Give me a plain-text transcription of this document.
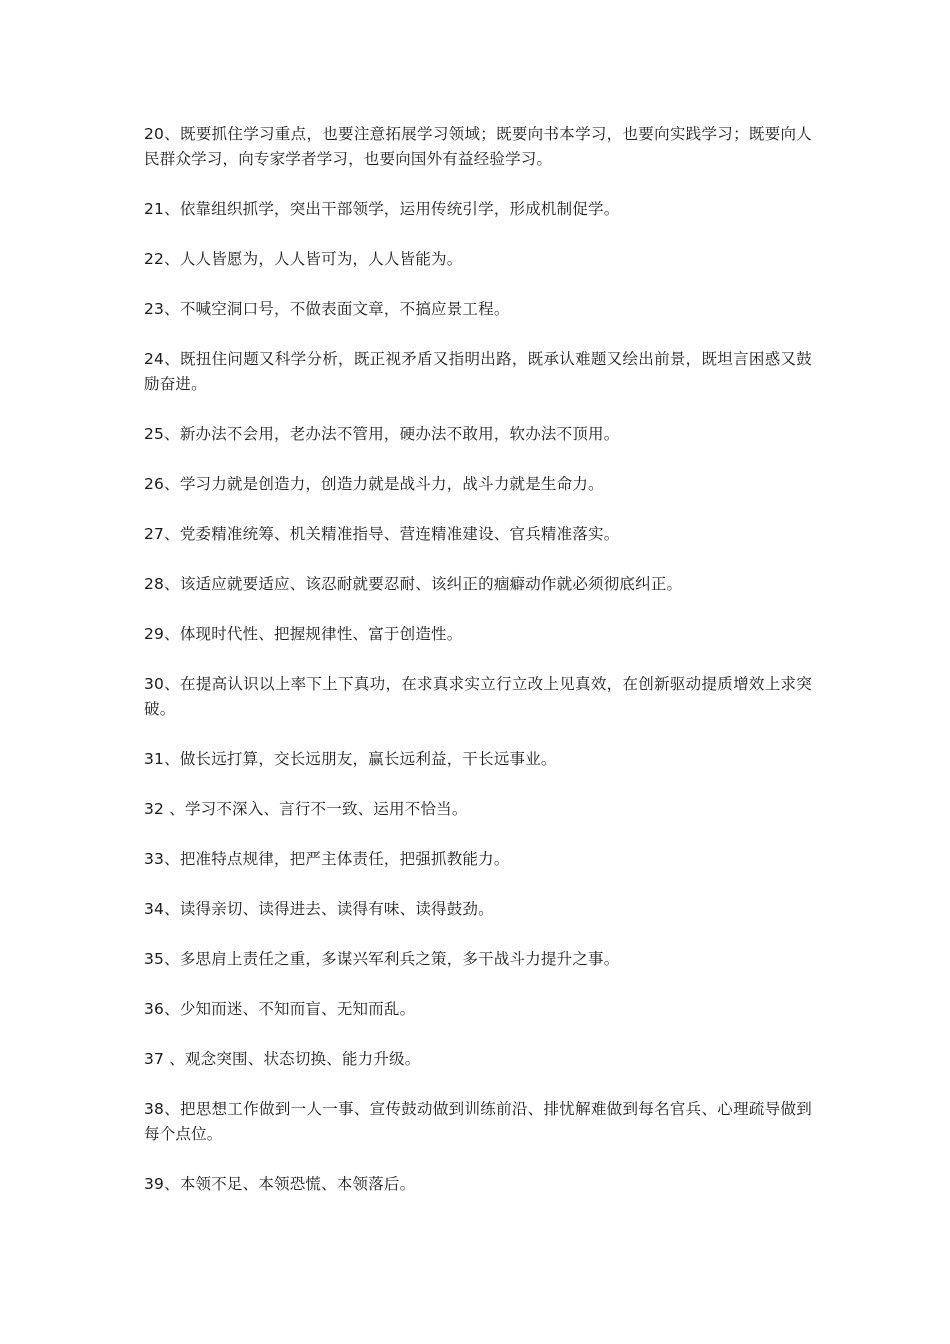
20、既要抓住学习重点，也要注意拓展学习领域；既要向书本学习，也要向实践学习；既要向人民群众学习，向专家学者学习，也要向国外有益经验学习。

21、依靠组织抓学，突出干部领学，运用传统引学，形成机制促学。

22、人人皆愿为，人人皆可为，人人皆能为。

23、不喊空洞口号，不做表面文章，不搞应景工程。

24、既扭住问题又科学分析，既正视矛盾又指明出路，既承认难题又绘出前景，既坦言困惑又鼓励奋进。

25、新办法不会用，老办法不管用，硬办法不敢用，软办法不顶用。

26、学习力就是创造力，创造力就是战斗力，战斗力就是生命力。

27、党委精准统筹、机关精准指导、营连精准建设、官兵精准落实。

28、该适应就要适应、该忍耐就要忍耐、该纠正的痼癖动作就必须彻底纠正。

29、体现时代性、把握规律性、富于创造性。

30、在提高认识以上率下上下真功，在求真求实立行立改上见真效，在创新驱动提质增效上求突破。

31、做长远打算，交长远朋友，赢长远利益，干长远事业。

32 、学习不深入、言行不一致、运用不恰当。

33、把准特点规律，把严主体责任，把强抓教能力。

34、读得亲切、读得进去、读得有味、读得鼓劲。

35、多思肩上责任之重，多谋兴军利兵之策，多干战斗力提升之事。

36、少知而迷、不知而盲、无知而乱。

37 、观念突围、状态切换、能力升级。

38、把思想工作做到一人一事、宣传鼓动做到训练前沿、排忧解难做到每名官兵、心理疏导做到每个点位。

39、本领不足、本领恐慌、本领落后。
